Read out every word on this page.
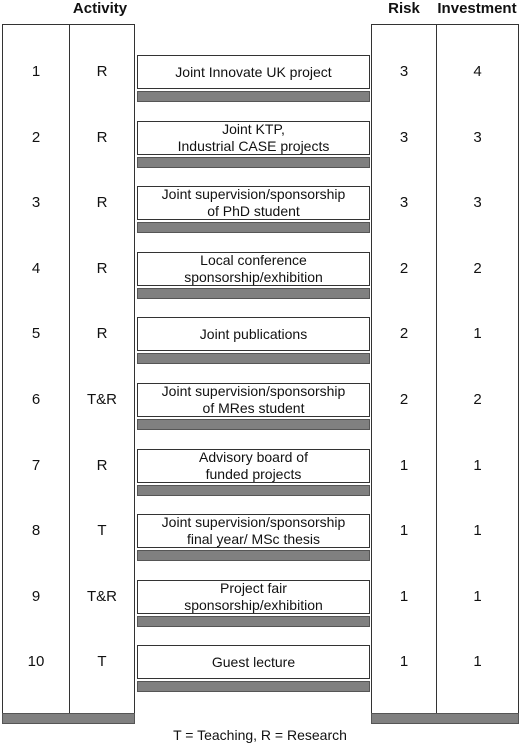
Activity	Risk	Investment
1	R	Joint Innovate UK project	3	4
2	R	Joint KTP,
Industrial CASE projects	3	3
3	R	Joint supervision/sponsorship
of PhD student	3	3
4	R	Local conference
sponsorship/exhibition	2	2
5	R	Joint publications	2	1
6	T&R	Joint supervision/sponsorship
of MRes student	2	2
7	R	Advisory board of
funded projects	1	1
8	T	Joint supervision/sponsorship
final year/ MSc thesis	1	1
9	T&R	Project fair
sponsorship/exhibition	1	1
10	T	Guest lecture	1	1
T = Teaching, R = Research
